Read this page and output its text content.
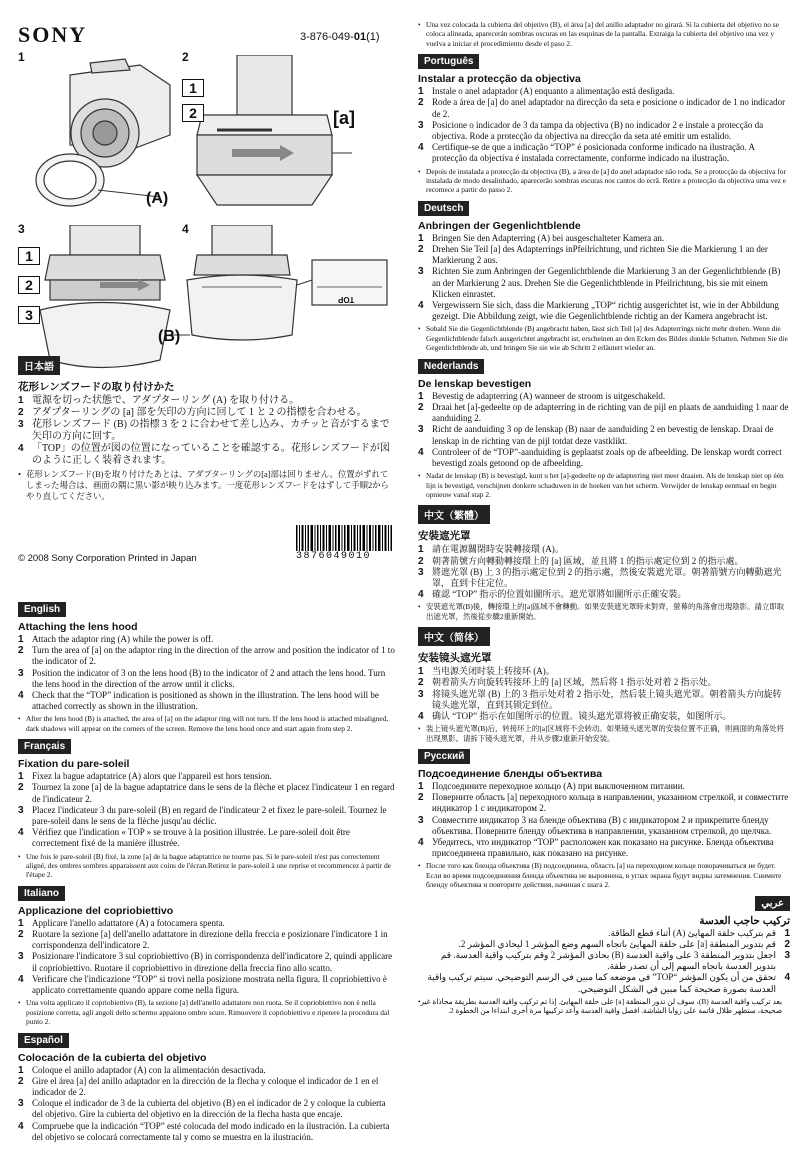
SONY	3-876-049-01(1)
1	2
3	4
(A)
1
2	[a]
1
2
3
(B)
TOP
日本語
花形レンズフードの取り付けかた
1 電源を切った状態で、アダプターリング (A) を取り付ける。
2 アダプターリングの [a] 部を矢印の方向に回して 1 と 2 の指標を合わせる。
3 花形レンズフード (B) の指標 3 を 2 に合わせて差し込み、カチッと音がするまで矢印の方向に回す。
4 「TOP」の位置が図の位置になっていることを確認する。花形レンズフードが図のように正しく装着されます。
• 花形レンズフード(B)を取り付けたあとは、アダプターリングの[a]部は回りません。位置がずれてしまった場合は、画面の隅に黒い影が映り込みます。一度花形レンズフードをはずして手順2からやり直してください。
3876049010
© 2008 Sony Corporation Printed in Japan
English
Attaching the lens hood
1 Attach the adaptor ring (A) while the power is off.
2 Turn the area of [a] on the adaptor ring in the direction of the arrow and position the indicator of 1 to the indicator of 2.
3 Position the indicator of 3 on the lens hood (B) to the indicator of 2 and attach the lens hood. Turn the lens hood in the direction of the arrow until it clicks.
4 Check that the “TOP” indication is positioned as shown in the illustration. The lens hood will be attached correctly as shown in the illustration.
• After the lens hood (B) is attached, the area of [a] on the adaptor ring will not turn. If the lens hood is attached misaligned, dark shadows will appear on the corners of the screen. Remove the lens hood once and start again from step 2.
Français
Fixation du pare-soleil
1 Fixez la bague adaptatrice (A) alors que l'appareil est hors tension.
2 Tournez la zone [a] de la bague adaptatrice dans le sens de la flèche et placez l'indicateur 1 en regard de l'indicateur 2.
3 Placez l'indicateur 3 du pare-soleil (B) en regard de l'indicateur 2 et fixez le pare-soleil. Tournez le pare-soleil dans le sens de la flèche jusqu'au déclic.
4 Vérifiez que l'indication « TOP » se trouve à la position illustrée. Le pare-soleil doit être correctement fixé de la manière illustrée.
• Une fois le pare-soleil (B) fixé, la zone [a] de la bague adaptatrice ne tourne pas. Si le pare-soleil n'est pas correctement aligné, des ombres sombres apparaissent aux coins de l'écran.Retirez le pare-soleil à une reprise et recommencez à partir de l'étape 2.
Italiano
Applicazione del copriobiettivo
1 Applicare l'anello adattatore (A) a fotocamera spenta.
2 Ruotare la sezione [a] dell'anello adattatore in direzione della freccia e posizionare l'indicatore 1 in corrispondenza dell'indicatore 2.
3 Posizionare l'indicatore 3 sul copriobiettivo (B) in corrispondenza dell'indicatore 2, quindi applicare il copriobiettivo. Ruotare il copriobiettivo in direzione della freccia fino allo scatto.
4 Verificare che l'indicazione “TOP” si trovi nella posizione mostrata nella figura. Il copriobiettivo è applicato correttamente quando appare come nella figura.
• Una volta applicato il copriobiettivo (B), la sezione [a] dell'anello adattatore non ruota. Se il copriobiettivo non è nella posizione corretta, agli angoli dello schermo appaiono ombre scure. Rimuovere il copriobiettivo e ripetere la procedura dal punto 2.
Español
Colocación de la cubierta del objetivo
1 Coloque el anillo adaptador (A) con la alimentación desactivada.
2 Gire el área [a] del anillo adaptador en la dirección de la flecha y coloque el indicador de 1 en el indicador de 2.
3 Coloque el indicador de 3 de la cubierta del objetivo (B) en el indicador de 2 y coloque la cubierta del objetivo. Gire la cubierta del objetivo en la dirección de la flecha hasta que encaje.
4 Compruebe que la indicación “TOP” esté colocada del modo indicado en la ilustración. La cubierta del objetivo se colocará correctamente tal y como se muestra en la ilustración.
• Una vez colocada la cubierta del objetivo (B), el área [a] del anillo adaptador no girará. Si la cubierta del objetivo no se coloca alineada, aparecerán sombras oscuras en las esquinas de la pantalla. Extraiga la cubierta del objetivo una vez y vuelva a iniciar el procedimiento desde el paso 2.
Português
Instalar a protecção da objectiva
1 Instale o anel adaptador (A) enquanto a alimentação está desligada.
2 Rode a área de [a] do anel adaptador na direcção da seta e posicione o indicador de 1 no indicador de 2.
3 Posicione o indicador de 3 da tampa da objectiva (B) no indicador 2 e instale a protecção da objectiva. Rode a protecção da objectiva na direcção da seta até emitir um estalido.
4 Certifique-se de que a indicação “TOP” é posicionada conforme indicado na ilustração. A protecção da objectiva é instalada correctamente, conforme indicado na ilustração.
• Depois de instalada a protecção da objectiva (B), a área de [a] do anel adaptador não roda. Se a protecção da objectiva for instalada de modo desalinhado, aparecerão sombras escuras nos cantos do ecrã. Retire a protecção da objectiva uma vez e recomece a partir do passo 2.
Deutsch
Anbringen der Gegenlichtblende
1 Bringen Sie den Adapterring (A) bei ausgeschalteter Kamera an.
2 Drehen Sie Teil [a] des Adapterrings inPfeilrichtung, und richten Sie die Markierung 1 an der Markierung 2 aus.
3 Richten Sie zum Anbringen der Gegenlichtblende die Markierung 3 an der Gegenlichtblende (B) an der Markierung 2 aus. Drehen Sie die Gegenlichtblende in Pfeilrichtung, bis sie mit einem Klicken einrastet.
4 Vergewissern Sie sich, dass die Markierung „TOP“ richtig ausgerichtet ist, wie in der Abbildung gezeigt. Die Abbildung zeigt, wie die Gegenlichtblende richtig an der Kamera angebracht ist.
• Sobald Sie die Gegenlichtblende (B) angebracht haben, lässt sich Teil [a] des Adapterrings nicht mehr drehen. Wenn die Gegenlichtblende falsch ausgerichtet angebracht ist, erscheinen an den Ecken des Bildes dunkle Schatten. Nehmen Sie die Gegenlichtblende ab, und bringen Sie sie wie ab Schritt 2 erläutert wieder an.
Nederlands
De lenskap bevestigen
1 Bevestig de adapterring (A) wanneer de stroom is uitgeschakeld.
2 Draai het [a]-gedeelte op de adapterring in de richting van de pijl en plaats de aanduiding 1 naar de aanduiding 2.
3 Richt de aanduiding 3 op de lenskap (B) naar de aanduiding 2 en bevestig de lenskap. Draai de lenskap in de richting van de pijl totdat deze vastklikt.
4 Controleer of de “TOP”-aanduiding is geplaatst zoals op de afbeelding. De lenskap wordt correct bevestigd zoals getoond op de afbeelding.
• Nadat de lenskap (B) is bevestigd, kunt u het [a]-gedeelte op de adapterring niet meer draaien. Als de lenskap niet op één lijn is bevestigd, verschijnen donkere schaduwen in de hoeken van het scherm. Verwijder de lenskap eenmaal en begin opnieuw vanaf stap 2.
中文（繁體）
安裝遮光罩
1 請在電源關閉時安裝轉接環 (A)。
2 朝著箭號方向轉動轉接環上的 [a] 區域，並且將 1 的指示處定位到 2 的指示處。
3 將遮光罩 (B) 上 3 的指示處定位到 2 的指示處，然後安裝遮光罩。朝著箭號方向轉動遮光罩，直到卡住定位。
4 確認 “TOP” 指示的位置如圖所示。遮光罩將如圖所示正確安裝。
• 安裝遮光罩(B)後，轉接環上的[a]區域不會轉動。如果安裝遮光罩時未對齊，螢幕的角落會出現陰影。請立即取出遮光罩，然後從步驟2重新開始。
中文（简体）
安装镜头遮光罩
1 当电源关闭时装上转接环 (A)。
2 朝着箭头方向旋转转接环上的 [a] 区域，然后将 1 指示处对着 2 指示处。
3 将镜头遮光罩 (B) 上的 3 指示处对着 2 指示处，然后装上镜头遮光罩。朝着箭头方向旋转镜头遮光罩，直到其锁定到位。
4 确认 “TOP” 指示在如图所示的位置。镜头遮光罩将被正确安装，如图所示。
• 装上镜头遮光罩(B)后，转接环上的[a]区域将不会转动。如果镜头遮光罩的安装位置不正确，则画面的角落处将出现黑影。请拆下镜头遮光罩，并从步骤2重新开始安装。
Русский
Подсоединение бленды объектива
1 Подсоедините переходное кольцо (A) при выключенном питании.
2 Поверните область [a] переходного кольца в направлении, указанном стрелкой, и совместите индикатор 1 с индикатором 2.
3 Совместите индикатор 3 на бленде объектива (B) с индикатором 2 и прикрепите бленду объектива. Поверните бленду объектива в направлении, указанном стрелкой, до щелчка.
4 Убедитесь, что индикатор “TOP” расположен как показано на рисунке. Бленда объектива присоединена правильно, как показано на рисунке.
• После того как бленда объектива (B) подсоединена, область [a] на переходном кольце поворачиваться не будет. Если во время подсоединения бленда объектива не выровнена, в углах экрана будут видны затемнения. Снимите бленду объектива и повторите действия, начиная с шага 2.
عربي
تركيب حاجب العدسة
1
قم بتركيب حلقة المهايئ (A) أثناء قطع الطاقة.
2
قم بتدوير المنطقة [a] على حلقة المهايئ باتجاه السهم وضع المؤشر 1 ليحاذي المؤشر 2.
3
اجعل بتدوير المنطقة 3 على واقية العدسة (B) بحاذي المؤشر 2 وقم بتركيب واقية العدسة. قم بتدوير العدسة باتجاه السهم إلى أن تصدر طقة.
4
تحقق من أن يكون المؤشر “TOP” في موضعه كما مبين في الرسم التوضيحي. سيتم تركيب واقية العدسة بصورة صحيحة كما مبين في الشكل التوضيحي.
• بعد تركيب واقية العدسة (B)، سوف لن تدور المنطقة [a] على حلقة المهايئ. إذا تم تركيب واقية العدسة بطريقة محاذاة غير صحيحة، ستظهر ظلال قاتمة على زوايا الشاشة. افصل واقية العدسة وأعد تركيبها مرة أخرى ابتداءا من الخطوة 2.
